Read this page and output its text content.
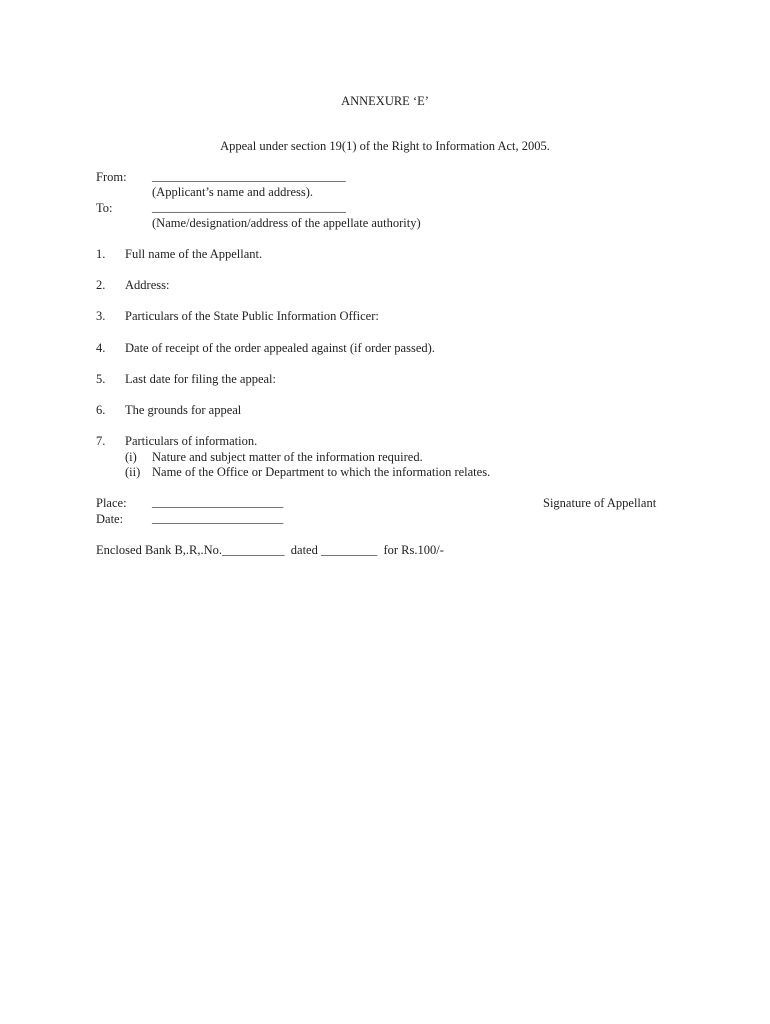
ANNEXURE ‘E’
Appeal under section 19(1) of the Right to Information Act, 2005.
From: _______________________________
(Applicant’s name and address).
To:	_______________________________
(Name/designation/address of the appellate authority)
1. Full name of the Appellant.
2. Address:
3. Particulars of the State Public Information Officer:
4. Date of receipt of the order appealed against (if order passed).
5. Last date for filing the appeal:
6. The grounds for appeal
7. Particulars of information.
(i) Nature and subject matter of the information required.
(ii) Name of the Office or Department to which the information relates.
Place: _____________________	Signature of Appellant
Date: _____________________
Enclosed Bank B,.R,.No.__________  dated _________  for Rs.100/-
